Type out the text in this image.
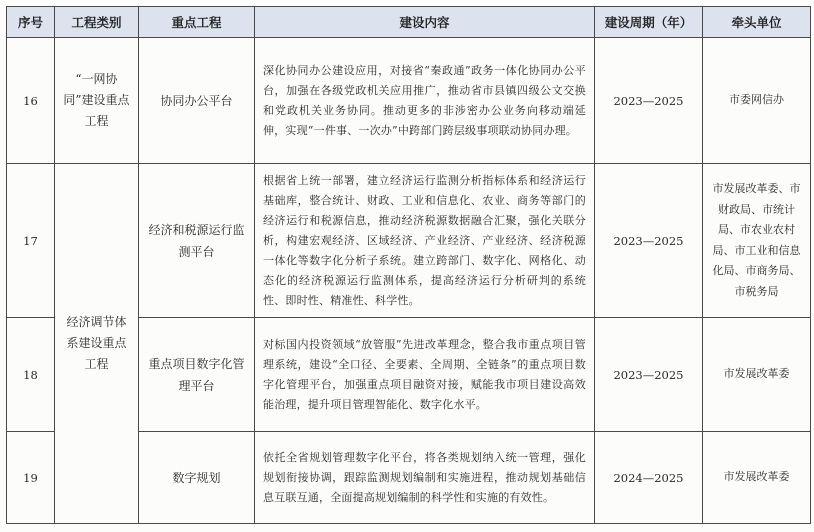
序号	工程类别	重点工程	建设内容	建设周期（年）	牵头单位
16	“一网协同”建设重点工程	协同办公平台	深化协同办公建设应用，对接省“秦政通”政务一体化协同办公平台，加强在各级党政机关应用推广，推动省市县镇四级公文交换和党政机关业务协同。推动更多的非涉密办公业务向移动端延伸，实现“一件事、一次办”中跨部门跨层级事项联动协同办理。	2023—2025	市委网信办
17	经济调节体系建设重点工程	经济和税源运行监测平台	根据省上统一部署，建立经济运行监测分析指标体系和经济运行基础库，整合统计、财政、工业和信息化、农业、商务等部门的经济运行和税源信息，推动经济税源数据融合汇聚，强化关联分析，构建宏观经济、区域经济、产业经济、产业经济、经济税源一体化等数字化分析子系统。建立跨部门、数字化、网格化、动态化的经济税源运行监测体系，提高经济运行分析研判的系统性、即时性、精准性、科学性。	2023—2025	市发展改革委、市财政局、市统计局、市农业农村局、市工业和信息化局、市商务局、市税务局
18		重点项目数字化管理平台	对标国内投资领域“放管服”先进改革理念，整合我市重点项目管理系统，建设“全口径、全要素、全周期、全链条”的重点项目数字化管理平台，加强重点项目融资对接，赋能我市项目建设高效能治理，提升项目管理智能化、数字化水平。	2023—2025	市发展改革委
19		数字规划	依托全省规划管理数字化平台，将各类规划纳入统一管理，强化规划衔接协调，跟踪监测规划编制和实施进程，推动规划基础信息互联互通，全面提高规划编制的科学性和实施的有效性。	2024—2025	市发展改革委
